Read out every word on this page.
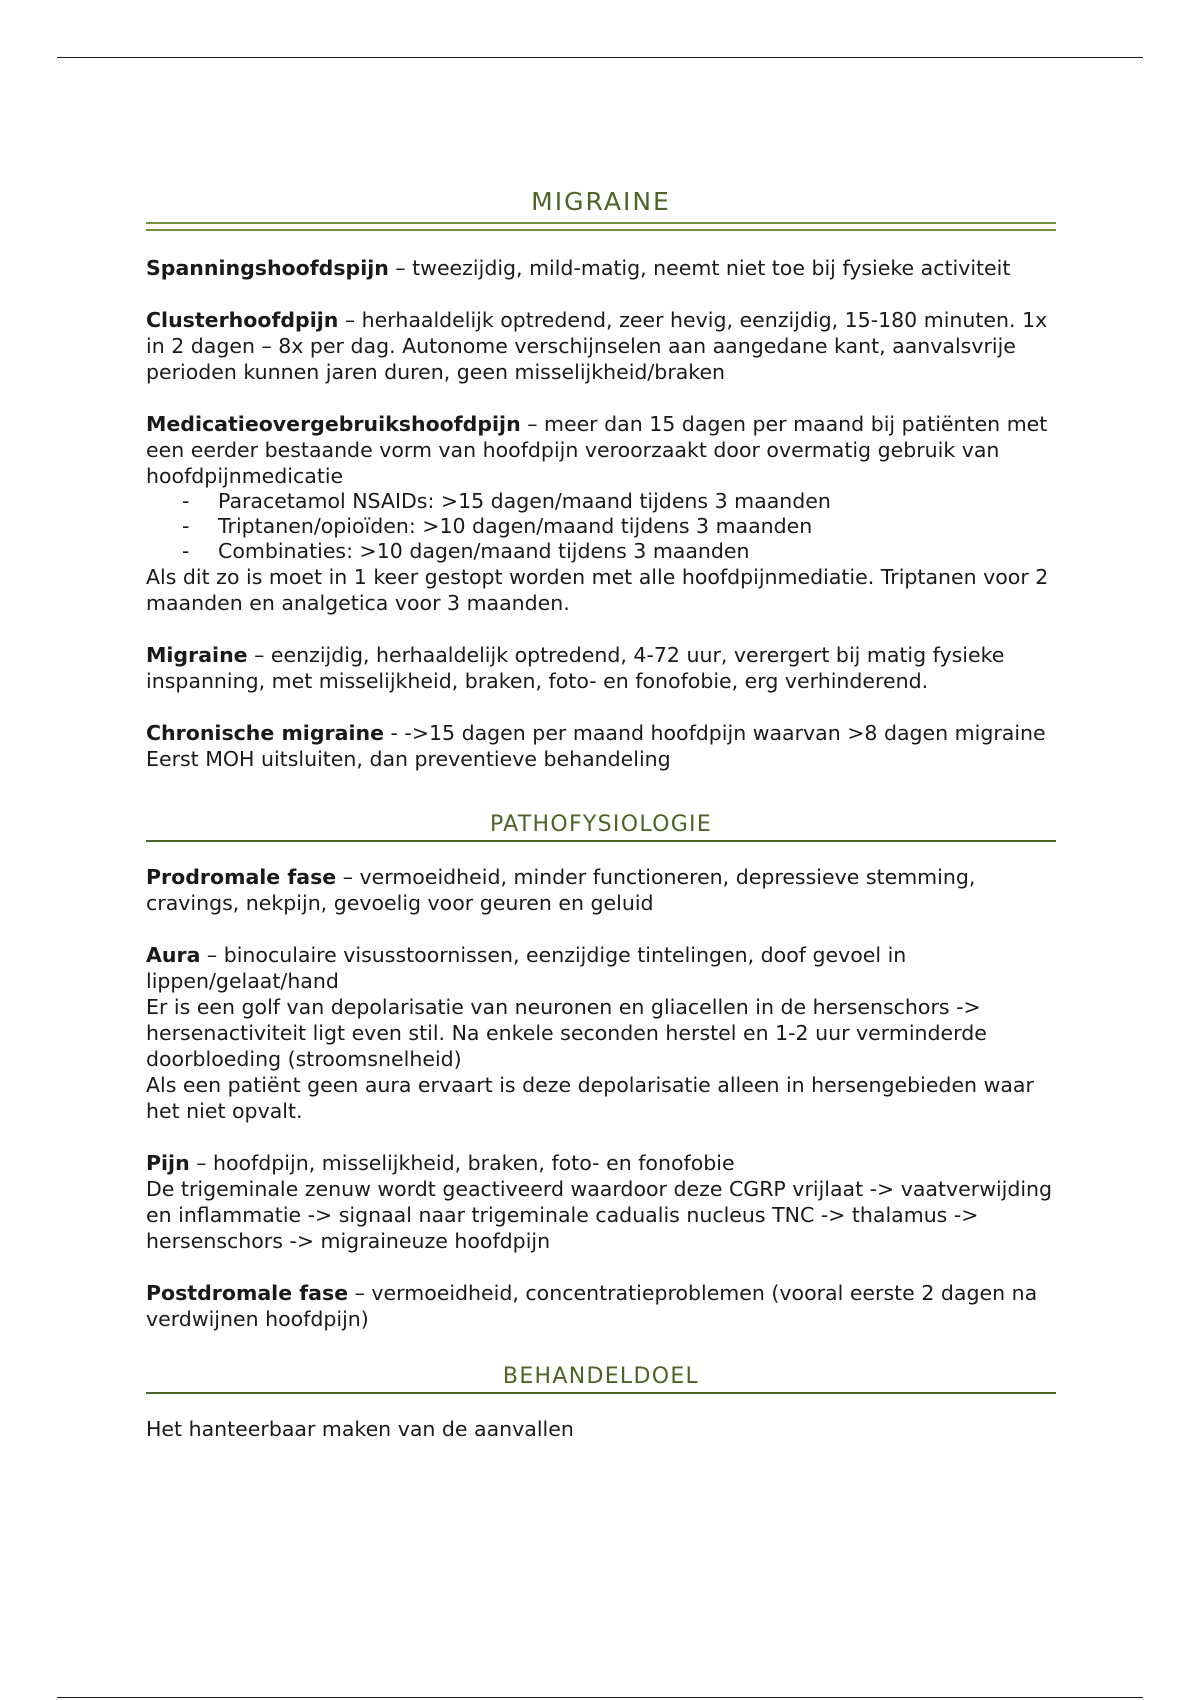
MIGRAINE

Spanningshoofdspijn – tweezijdig, mild-matig, neemt niet toe bij fysieke activiteit

Clusterhoofdpijn – herhaaldelijk optredend, zeer hevig, eenzijdig, 15-180 minuten. 1x in 2 dagen – 8x per dag. Autonome verschijnselen aan aangedane kant, aanvalsvrije perioden kunnen jaren duren, geen misselijkheid/braken

Medicatieovergebruikshoofdpijn – meer dan 15 dagen per maand bij patiënten met een eerder bestaande vorm van hoofdpijn veroorzaakt door overmatig gebruik van hoofdpijnmedicatie
- Paracetamol NSAIDs: >15 dagen/maand tijdens 3 maanden
- Triptanen/opioïden: >10 dagen/maand tijdens 3 maanden
- Combinaties: >10 dagen/maand tijdens 3 maanden
Als dit zo is moet in 1 keer gestopt worden met alle hoofdpijnmediatie. Triptanen voor 2 maanden en analgetica voor 3 maanden.

Migraine – eenzijdig, herhaaldelijk optredend, 4-72 uur, verergert bij matig fysieke inspanning, met misselijkheid, braken, foto- en fonofobie, erg verhinderend.

Chronische migraine - ->15 dagen per maand hoofdpijn waarvan >8 dagen migraine
Eerst MOH uitsluiten, dan preventieve behandeling
PATHOFYSIOLOGIE

Prodromale fase – vermoeidheid, minder functioneren, depressieve stemming, cravings, nekpijn, gevoelig voor geuren en geluid

Aura – binoculaire visusstoornissen, eenzijdige tintelingen, doof gevoel in lippen/gelaat/hand
Er is een golf van depolarisatie van neuronen en gliacellen in de hersenschors -> hersenactiviteit ligt even stil. Na enkele seconden herstel en 1-2 uur verminderde doorbloeding (stroomsnelheid)
Als een patiënt geen aura ervaart is deze depolarisatie alleen in hersengebieden waar het niet opvalt.
Pijn – hoofdpijn, misselijkheid, braken, foto- en fonofobie
De trigeminale zenuw wordt geactiveerd waardoor deze CGRP vrijlaat -> vaatverwijding en inflammatie -> signaal naar trigeminale cadualis nucleus TNC -> thalamus -> hersenschors -> migraineuze hoofdpijn

Postdromale fase – vermoeidheid, concentratieproblemen (vooral eerste 2 dagen na verdwijnen hoofdpijn)

BEHANDELDOEL

Het hanteerbaar maken van de aanvallen
